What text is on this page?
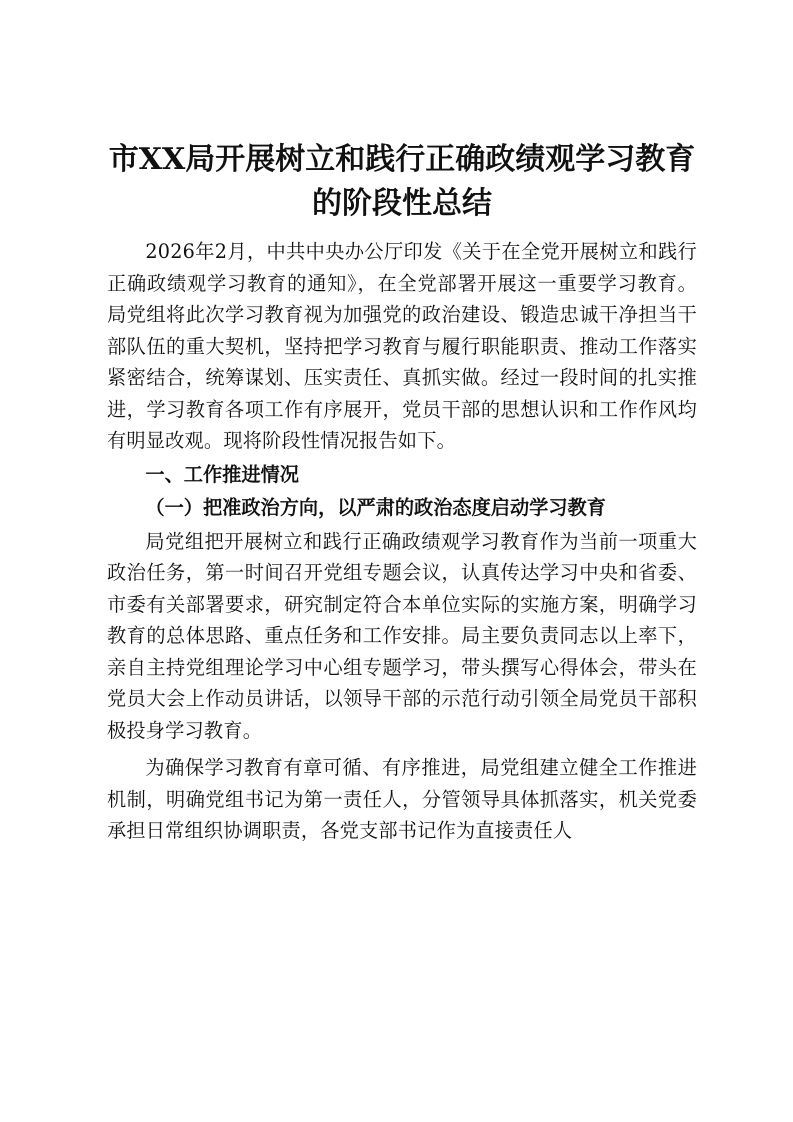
市XX局开展树立和践行正确政绩观学习教育
的阶段性总结

2026年2月，中共中央办公厅印发《关于在全党开展树立和践行正确政绩观学习教育的通知》，在全党部署开展这一重要学习教育。局党组将此次学习教育视为加强党的政治建设、锻造忠诚干净担当干部队伍的重大契机，坚持把学习教育与履行职能职责、推动工作落实紧密结合，统筹谋划、压实责任、真抓实做。经过一段时间的扎实推进，学习教育各项工作有序展开，党员干部的思想认识和工作作风均有明显改观。现将阶段性情况报告如下。

一、工作推进情况

（一）把准政治方向，以严肃的政治态度启动学习教育

局党组把开展树立和践行正确政绩观学习教育作为当前一项重大政治任务，第一时间召开党组专题会议，认真传达学习中央和省委、市委有关部署要求，研究制定符合本单位实际的实施方案，明确学习教育的总体思路、重点任务和工作安排。局主要负责同志以上率下，亲自主持党组理论学习中心组专题学习，带头撰写心得体会，带头在党员大会上作动员讲话，以领导干部的示范行动引领全局党员干部积极投身学习教育。

为确保学习教育有章可循、有序推进，局党组建立健全工作推进机制，明确党组书记为第一责任人，分管领导具体抓落实，机关党委承担日常组织协调职责，各党支部书记作为直接责任人
